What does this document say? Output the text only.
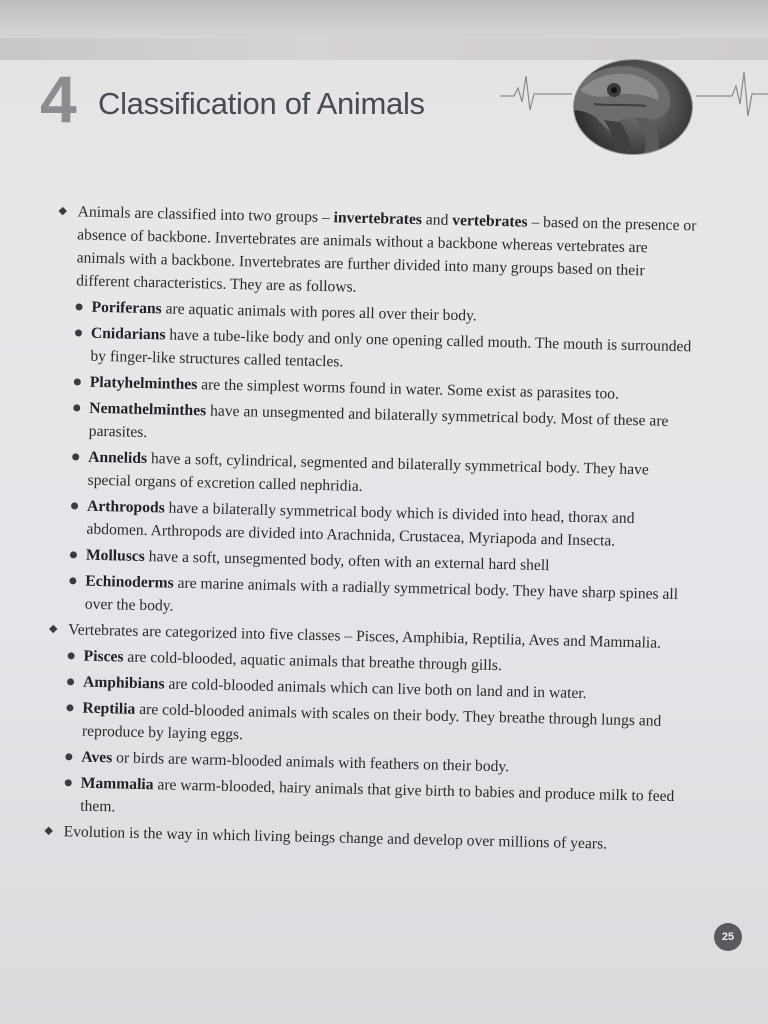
4 Classification of Animals
Animals are classified into two groups – invertebrates and vertebrates – based on the presence or absence of backbone. Invertebrates are animals without a backbone whereas vertebrates are animals with a backbone. Invertebrates are further divided into many groups based on their different characteristics. They are as follows.
Poriferans are aquatic animals with pores all over their body.
Cnidarians have a tube-like body and only one opening called mouth. The mouth is surrounded by finger-like structures called tentacles.
Platyhelminthes are the simplest worms found in water. Some exist as parasites too.
Nemathelminthes have an unsegmented and bilaterally symmetrical body. Most of these are parasites.
Annelids have a soft, cylindrical, segmented and bilaterally symmetrical body. They have special organs of excretion called nephridia.
Arthropods have a bilaterally symmetrical body which is divided into head, thorax and abdomen. Arthropods are divided into Arachnida, Crustacea, Myriapoda and Insecta.
Molluscs have a soft, unsegmented body, often with an external hard shell
Echinoderms are marine animals with a radially symmetrical body. They have sharp spines all over the body.
Vertebrates are categorized into five classes – Pisces, Amphibia, Reptilia, Aves and Mammalia.
Pisces are cold-blooded, aquatic animals that breathe through gills.
Amphibians are cold-blooded animals which can live both on land and in water.
Reptilia are cold-blooded animals with scales on their body. They breathe through lungs and reproduce by laying eggs.
Aves or birds are warm-blooded animals with feathers on their body.
Mammalia are warm-blooded, hairy animals that give birth to babies and produce milk to feed them.
Evolution is the way in which living beings change and develop over millions of years.
25
